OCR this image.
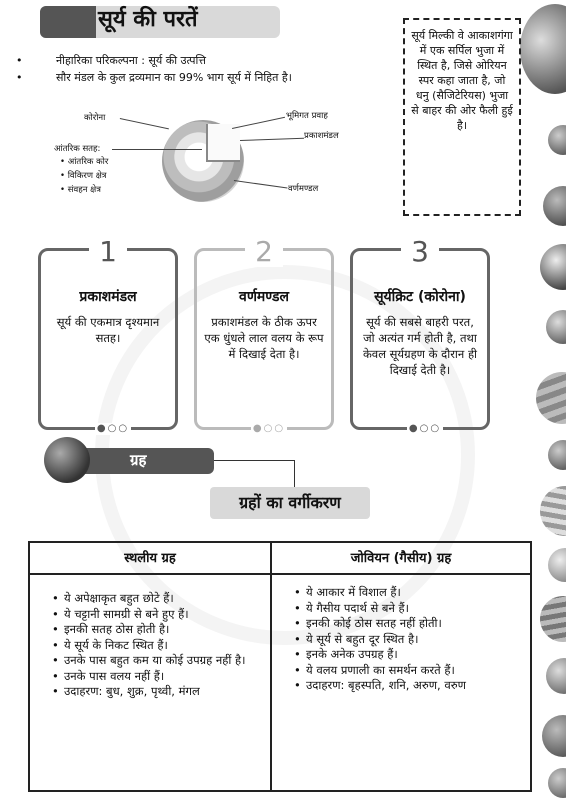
सूर्य की परतें
• नीहारिका परिकल्पना : सूर्य की उत्पत्ति
• सौर मंडल के कुल द्रव्यमान का 99% भाग सूर्य में निहित है।
सूर्य मिल्की वे आकाशगंगा में एक सर्पिल भुजा में स्थित है, जिसे ओरियन स्पर कहा जाता है, जो धनु (सैजिटेरियस) भुजा से बाहर की ओर फैली हुई है।
कोरोना
आंतरिक सतह:
• आंतरिक कोर
• विकिरण क्षेत्र
• संवहन क्षेत्र
भूमिगत प्रवाह
प्रकाशमंडल
वर्णमण्डल
1
प्रकाशमंडल
सूर्य की एकमात्र दृश्यमान सतह।
●○○
2
वर्णमण्डल
प्रकाशमंडल के ठीक ऊपर एक धुंधले लाल वलय के रूप में दिखाई देता है।
●○○
3
सूर्यक्रिट (कोरोना)
सूर्य की सबसे बाहरी परत, जो अत्यंत गर्म होती है, तथा केवल सूर्यग्रहण के दौरान ही दिखाई देती है।
●○○
ग्रह
ग्रहों का वर्गीकरण
स्थलीय ग्रह	जोवियन (गैसीय) ग्रह
• ये अपेक्षाकृत बहुत छोटे हैं।
• ये चट्टानी सामग्री से बने हुए हैं।
• इनकी सतह ठोस होती है।
• ये सूर्य के निकट स्थित हैं।
• उनके पास बहुत कम या कोई उपग्रह नहीं है।
• उनके पास वलय नहीं हैं।
• उदाहरण: बुध, शुक्र, पृथ्वी, मंगल
• ये आकार में विशाल हैं।
• ये गैसीय पदार्थ से बने हैं।
• इनकी कोई ठोस सतह नहीं होती।
• ये सूर्य से बहुत दूर स्थित है।
• इनके अनेक उपग्रह हैं।
• ये वलय प्रणाली का समर्थन करते हैं।
• उदाहरण: बृहस्पति, शनि, अरुण, वरुण
